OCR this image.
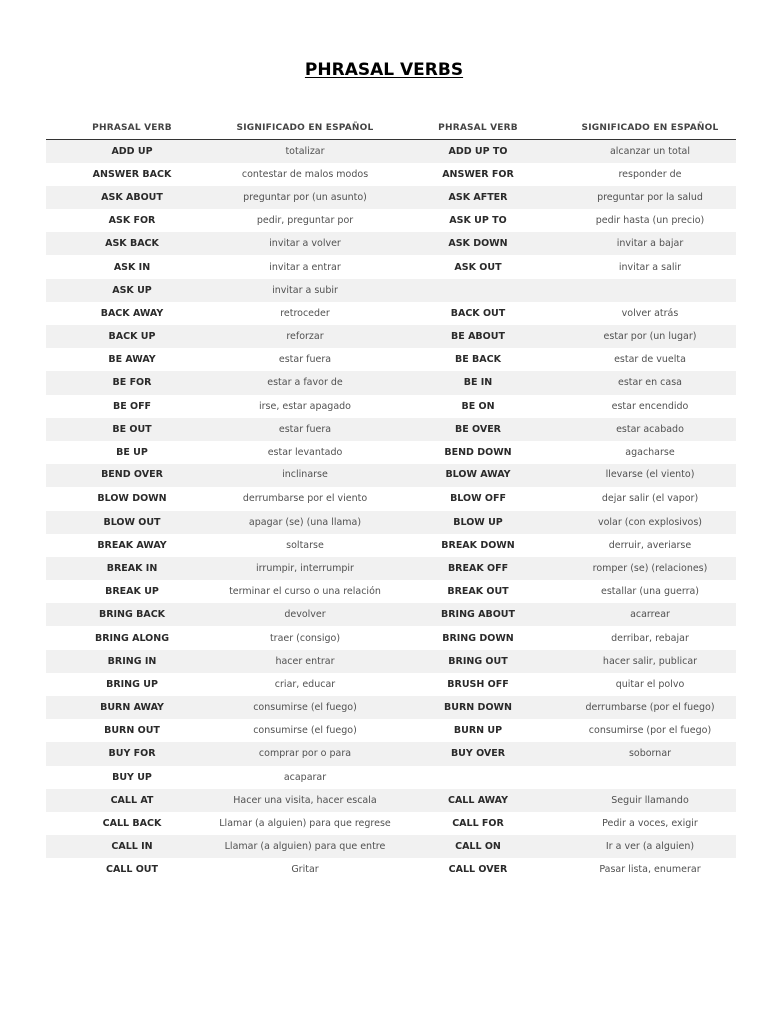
PHRASAL VERBS
PHRASAL VERB	SIGNIFICADO EN ESPAÑOL	PHRASAL VERB	SIGNIFICADO EN ESPAÑOL
ADD UP	totalizar	ADD UP TO	alcanzar un total
ANSWER BACK	contestar de malos modos	ANSWER FOR	responder de
ASK ABOUT	preguntar por (un asunto)	ASK AFTER	preguntar por la salud
ASK FOR	pedir, preguntar por	ASK UP TO	pedir hasta (un precio)
ASK BACK	invitar a volver	ASK DOWN	invitar a bajar
ASK IN	invitar a entrar	ASK OUT	invitar a salir
ASK UP	invitar a subir		
BACK AWAY	retroceder	BACK OUT	volver atrás
BACK UP	reforzar	BE ABOUT	estar por (un lugar)
BE AWAY	estar fuera	BE BACK	estar de vuelta
BE FOR	estar a favor de	BE IN	estar en casa
BE OFF	irse, estar apagado	BE ON	estar encendido
BE OUT	estar fuera	BE OVER	estar acabado
BE UP	estar levantado	BEND DOWN	agacharse
BEND OVER	inclinarse	BLOW AWAY	llevarse (el viento)
BLOW DOWN	derrumbarse por el viento	BLOW OFF	dejar salir (el vapor)
BLOW OUT	apagar (se) (una llama)	BLOW UP	volar (con explosivos)
BREAK AWAY	soltarse	BREAK DOWN	derruir, averiarse
BREAK IN	irrumpir, interrumpir	BREAK OFF	romper (se) (relaciones)
BREAK UP	terminar el curso o una relación	BREAK OUT	estallar (una guerra)
BRING BACK	devolver	BRING ABOUT	acarrear
BRING ALONG	traer (consigo)	BRING DOWN	derribar, rebajar
BRING IN	hacer entrar	BRING OUT	hacer salir, publicar
BRING UP	criar, educar	BRUSH OFF	quitar el polvo
BURN AWAY	consumirse (el fuego)	BURN DOWN	derrumbarse (por el fuego)
BURN OUT	consumirse (el fuego)	BURN UP	consumirse (por el fuego)
BUY FOR	comprar por o para	BUY OVER	sobornar
BUY UP	acaparar		
CALL AT	Hacer una visita, hacer escala	CALL AWAY	Seguir llamando
CALL BACK	Llamar (a alguien) para que regrese	CALL FOR	Pedir a voces, exigir
CALL IN	Llamar (a alguien) para que entre	CALL ON	Ir a ver (a alguien)
CALL OUT	Gritar	CALL OVER	Pasar lista, enumerar
